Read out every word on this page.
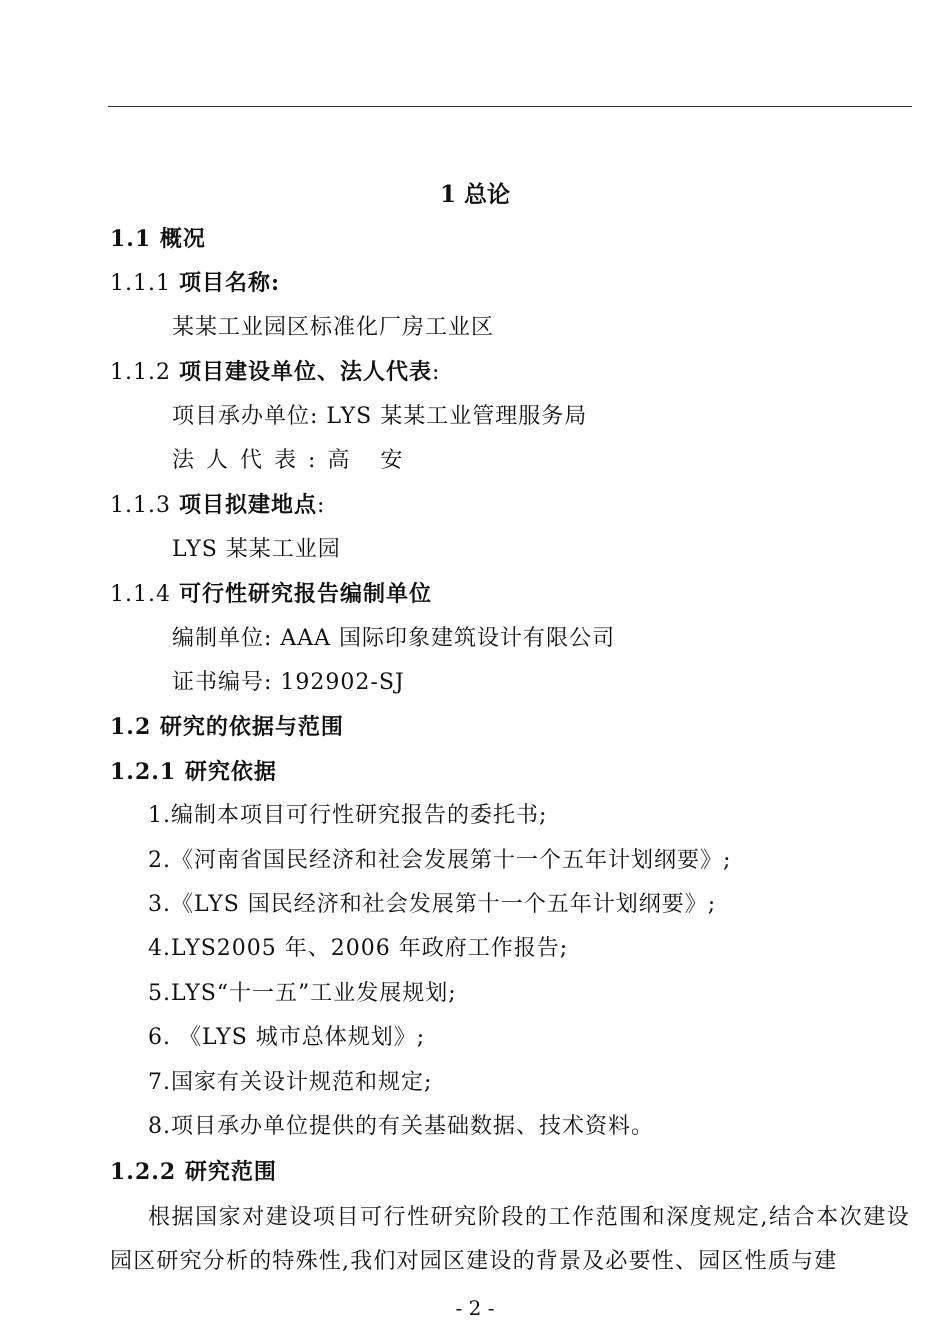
1 总论
1.1 概况
1.1.1 项目名称:
某某工业园区标准化厂房工业区
1.1.2 项目建设单位、法人代表:
项目承办单位: LYS 某某工业管理服务局
法人代表:高 安
1.1.3 项目拟建地点:
LYS 某某工业园
1.1.4 可行性研究报告编制单位
编制单位: AAA 国际印象建筑设计有限公司
证书编号: 192902-SJ
1.2 研究的依据与范围
1.2.1 研究依据
1.编制本项目可行性研究报告的委托书;
2.《河南省国民经济和社会发展第十一个五年计划纲要》;
3.《LYS 国民经济和社会发展第十一个五年计划纲要》;
4.LYS2005 年、2006 年政府工作报告;
5.LYS“十一五”工业发展规划;
6. 《LYS 城市总体规划》;
7.国家有关设计规范和规定;
8.项目承办单位提供的有关基础数据、技术资料。
1.2.2 研究范围
根据国家对建设项目可行性研究阶段的工作范围和深度规定,结合本次建设园区研究分析的特殊性,我们对园区建设的背景及必要性、园区性质与建
- 2 -
